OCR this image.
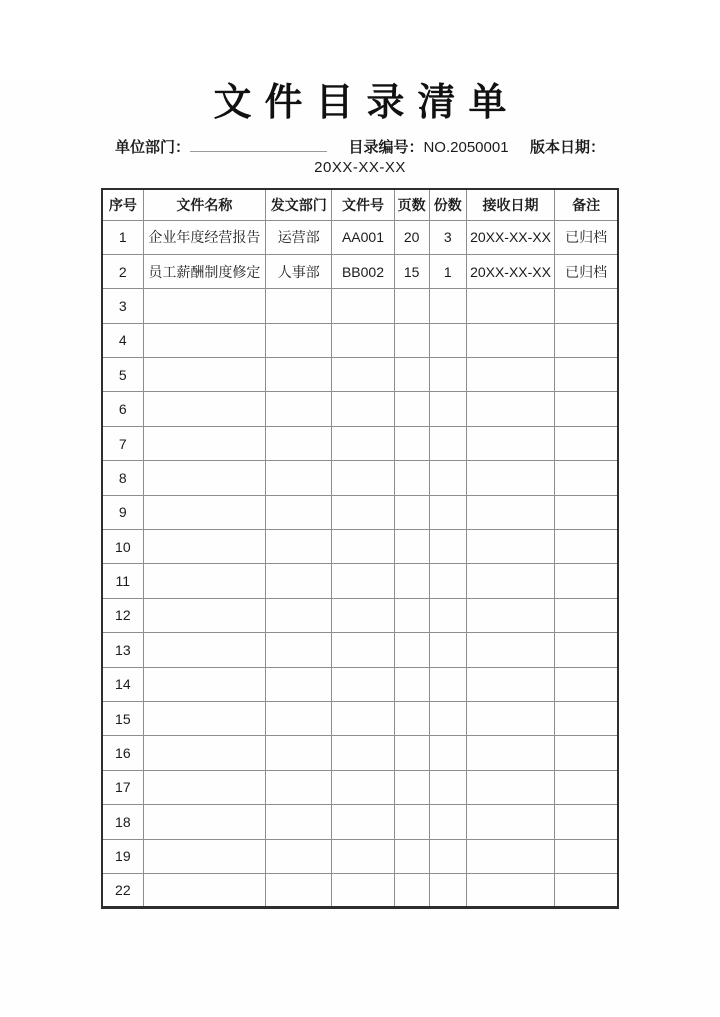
文件目录清单
单位部门：	目录编号：NO.2050001 版本日期：
20XX-XX-XX
序号	文件名称	发文部门	文件号	页数	份数	接收日期	备注
1	企业年度经营报告	运营部	AA001	20	3	20XX-XX-XX	已归档
2	员工薪酬制度修定	人事部	BB002	15	1	20XX-XX-XX	已归档
3							
4							
5							
6							
7							
8							
9							
10							
11							
12							
13							
14							
15							
16							
17							
18							
19							
22							
